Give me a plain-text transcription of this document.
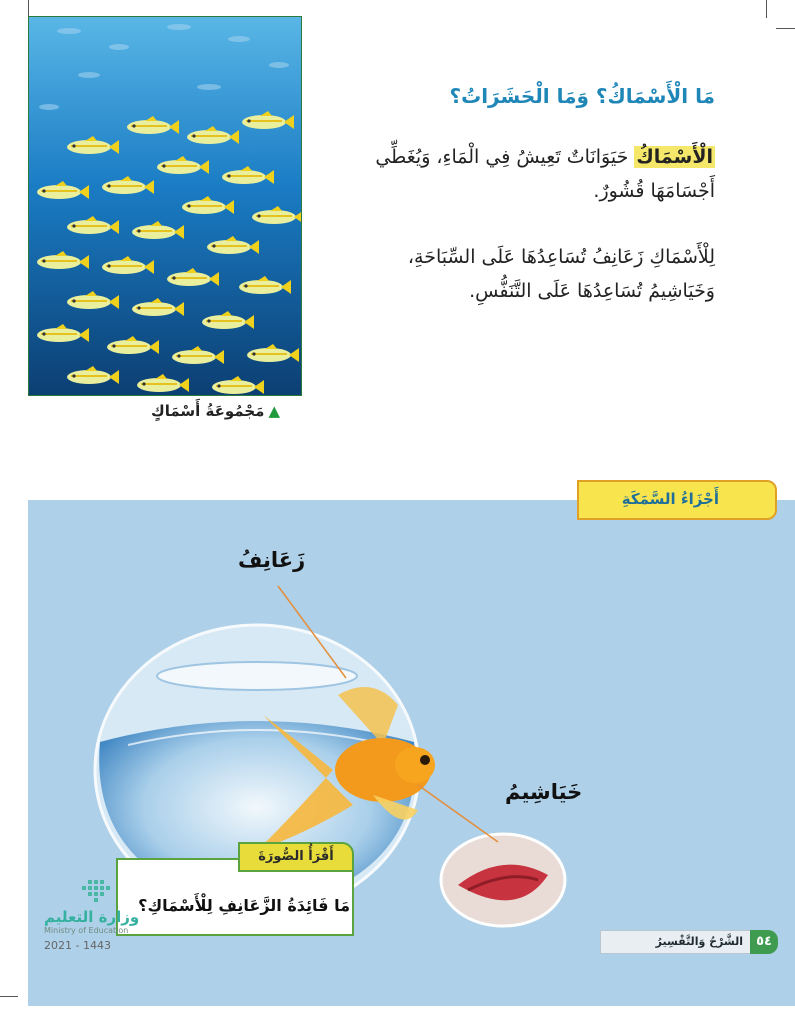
▲مَجْمُوعَةُ أَسْمَاكٍ
مَا الْأَسْمَاكُ؟ وَمَا الْحَشَرَاتُ؟
الْأَسْمَاكُ حَيَوَانَاتٌ تَعِيشُ فِي الْمَاءِ، وَيُغَطِّي
أَجْسَامَهَا قُشُورٌ.
لِلْأَسْمَاكِ زَعَانِفُ تُسَاعِدُهَا عَلَى السِّبَاحَةِ،
وَخَيَاشِيمُ تُسَاعِدُهَا عَلَى التَّنَفُّسِ.
أَجْزَاءُ السَّمَكَةِ
زَعَانِفُ
خَيَاشِيمُ
أَقْرَأُ الصُّورَةَ
مَا فَائِدَةُ الزَّعَانِفِ لِلْأَسْمَاكِ؟
وزارة التعليم
Ministry of Education
2021 - 1443	٥٤
الشَّرْحُ وَالتَّفْسِيرُ
